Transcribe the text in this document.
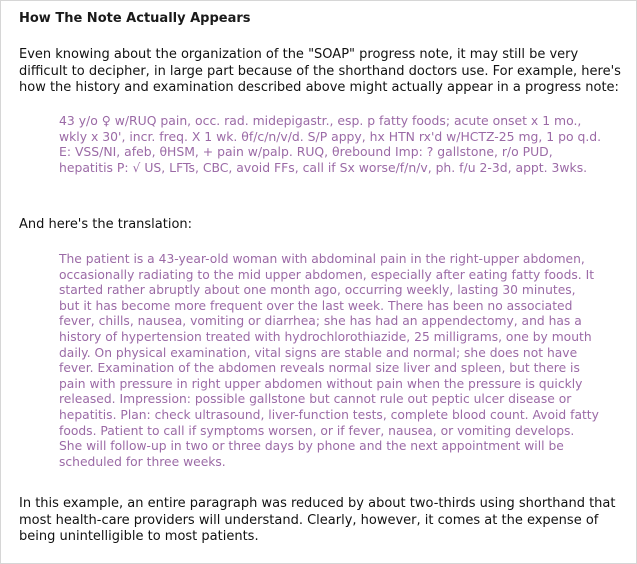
How The Note Actually Appears

Even knowing about the organization of the "SOAP" progress note, it may still be very difficult to decipher, in large part because of the shorthand doctors use. For example, here's how the history and examination described above might actually appear in a progress note:

43 y/o ♀ w/RUQ pain, occ. rad. midepigastr., esp. p fatty foods; acute onset x 1 mo., wkly x 30', incr. freq. X 1 wk. θf/c/n/v/d. S/P appy, hx HTN rx'd w/HCTZ-25 mg, 1 po q.d. E: VSS/NI, afeb, θHSM, + pain w/palp. RUQ, θrebound Imp: ? gallstone, r/o PUD, hepatitis P: √ US, LFTs, CBC, avoid FFs, call if Sx worse/f/n/v, ph. f/u 2-3d, appt. 3wks.

And here's the translation:

The patient is a 43-year-old woman with abdominal pain in the right-upper abdomen, occasionally radiating to the mid upper abdomen, especially after eating fatty foods. It started rather abruptly about one month ago, occurring weekly, lasting 30 minutes, but it has become more frequent over the last week. There has been no associated fever, chills, nausea, vomiting or diarrhea; she has had an appendectomy, and has a history of hypertension treated with hydrochlorothiazide, 25 milligrams, one by mouth daily. On physical examination, vital signs are stable and normal; she does not have fever. Examination of the abdomen reveals normal size liver and spleen, but there is pain with pressure in right upper abdomen without pain when the pressure is quickly released. Impression: possible gallstone but cannot rule out peptic ulcer disease or hepatitis. Plan: check ultrasound, liver-function tests, complete blood count. Avoid fatty foods. Patient to call if symptoms worsen, or if fever, nausea, or vomiting develops. She will follow-up in two or three days by phone and the next appointment will be scheduled for three weeks.

In this example, an entire paragraph was reduced by about two-thirds using shorthand that most health-care providers will understand. Clearly, however, it comes at the expense of being unintelligible to most patients.
